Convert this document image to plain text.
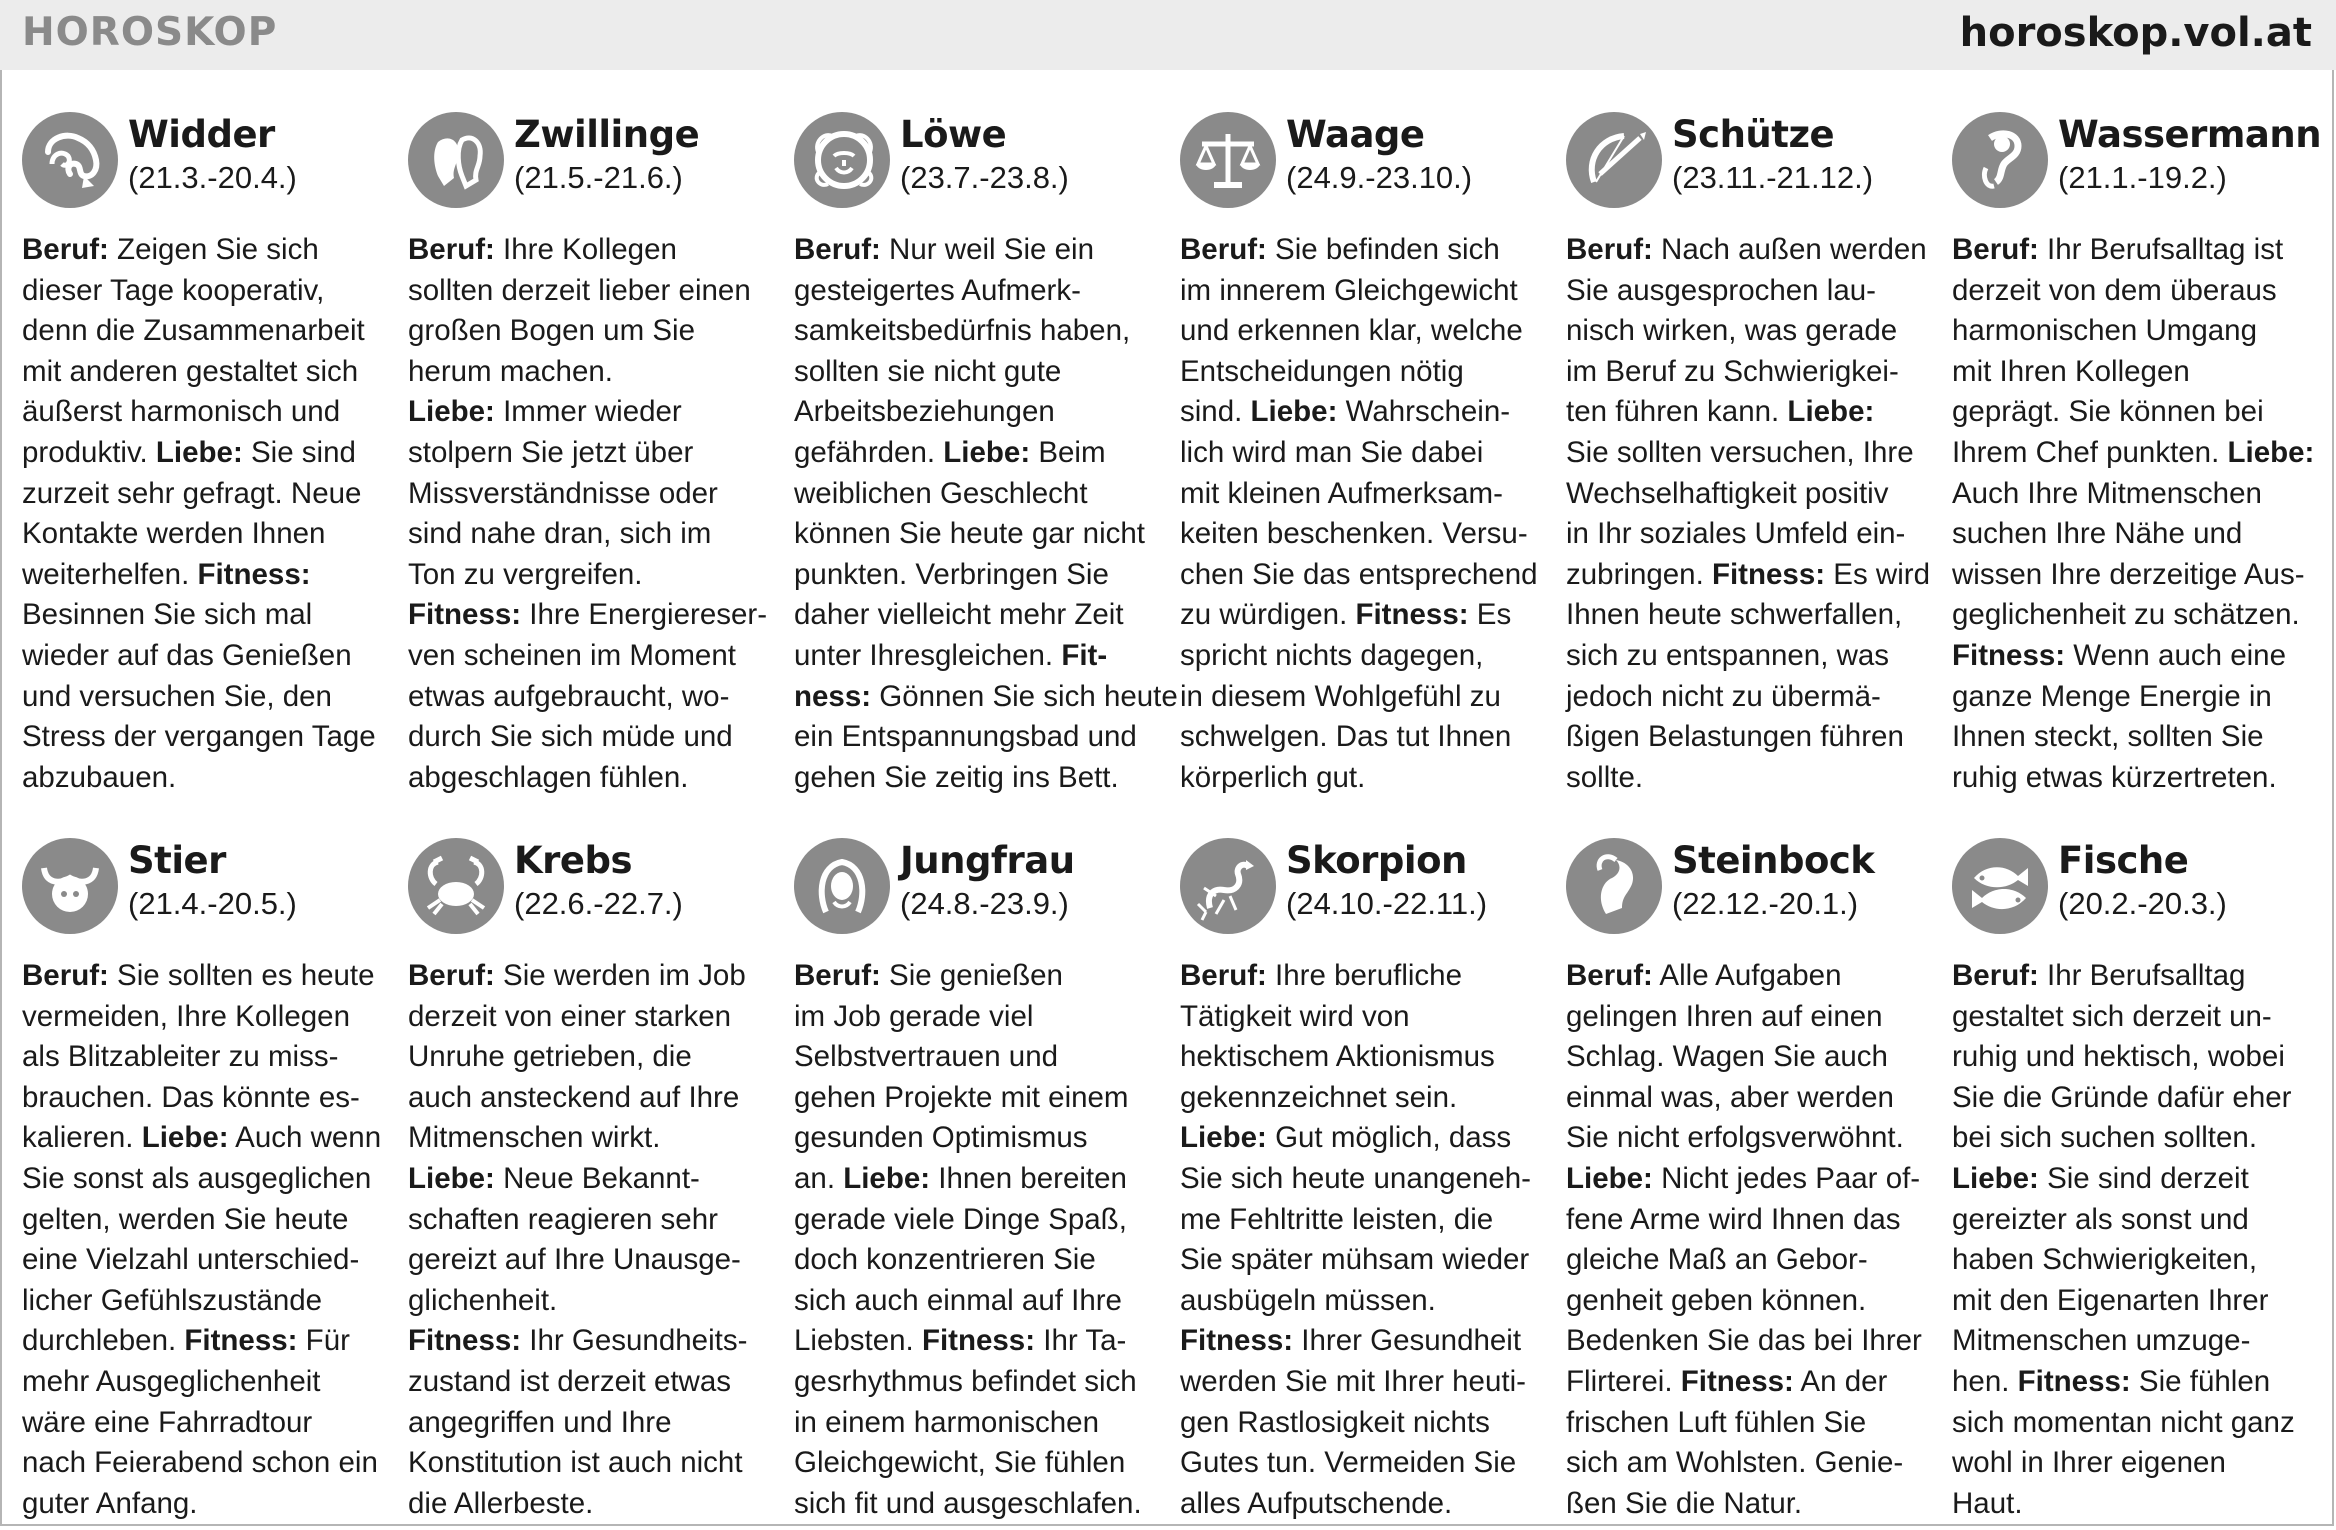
HOROSKOP	horoskop.vol.at
Widder
(21.3.-20.4.)
Beruf: Zeigen Sie sich
dieser Tage kooperativ,
denn die Zusammenarbeit
mit anderen gestaltet sich
äußerst harmonisch und
produktiv. Liebe: Sie sind
zurzeit sehr gefragt. Neue
Kontakte werden Ihnen
weiterhelfen. Fitness:
Besinnen Sie sich mal
wieder auf das Genießen
und versuchen Sie, den
Stress der vergangen Tage
abzubauen.
Zwillinge
(21.5.-21.6.)
Beruf: Ihre Kollegen
sollten derzeit lieber einen
großen Bogen um Sie
herum machen.
Liebe: Immer wieder
stolpern Sie jetzt über
Missverständnisse oder
sind nahe dran, sich im
Ton zu vergreifen.
Fitness: Ihre Energiereser-
ven scheinen im Moment
etwas aufgebraucht, wo-
durch Sie sich müde und
abgeschlagen fühlen.
Löwe
(23.7.-23.8.)
Beruf: Nur weil Sie ein
gesteigertes Aufmerk-
samkeitsbedürfnis haben,
sollten sie nicht gute
Arbeitsbeziehungen
gefährden. Liebe: Beim
weiblichen Geschlecht
können Sie heute gar nicht
punkten. Verbringen Sie
daher vielleicht mehr Zeit
unter Ihresgleichen. Fit-
ness: Gönnen Sie sich heute
ein Entspannungsbad und
gehen Sie zeitig ins Bett.
Waage
(24.9.-23.10.)
Beruf: Sie befinden sich
im innerem Gleichgewicht
und erkennen klar, welche
Entscheidungen nötig
sind. Liebe: Wahrschein-
lich wird man Sie dabei
mit kleinen Aufmerksam-
keiten beschenken. Versu-
chen Sie das entsprechend
zu würdigen. Fitness: Es
spricht nichts dagegen,
in diesem Wohlgefühl zu
schwelgen. Das tut Ihnen
körperlich gut.
Schütze
(23.11.-21.12.)
Beruf: Nach außen werden
Sie ausgesprochen lau-
nisch wirken, was gerade
im Beruf zu Schwierigkei-
ten führen kann. Liebe:
Sie sollten versuchen, Ihre
Wechselhaftigkeit positiv
in Ihr soziales Umfeld ein-
zubringen. Fitness: Es wird
Ihnen heute schwerfallen,
sich zu entspannen, was
jedoch nicht zu übermä-
ßigen Belastungen führen
sollte.
Wassermann
(21.1.-19.2.)
Beruf: Ihr Berufsalltag ist
derzeit von dem überaus
harmonischen Umgang
mit Ihren Kollegen
geprägt. Sie können bei
Ihrem Chef punkten. Liebe:
Auch Ihre Mitmenschen
suchen Ihre Nähe und
wissen Ihre derzeitige Aus-
geglichenheit zu schätzen.
Fitness: Wenn auch eine
ganze Menge Energie in
Ihnen steckt, sollten Sie
ruhig etwas kürzertreten.
Stier
(21.4.-20.5.)
Beruf: Sie sollten es heute
vermeiden, Ihre Kollegen
als Blitzableiter zu miss-
brauchen. Das könnte es-
kalieren. Liebe: Auch wenn
Sie sonst als ausgeglichen
gelten, werden Sie heute
eine Vielzahl unterschied-
licher Gefühlszustände
durchleben. Fitness: Für
mehr Ausgeglichenheit
wäre eine Fahrradtour
nach Feierabend schon ein
guter Anfang.
Krebs
(22.6.-22.7.)
Beruf: Sie werden im Job
derzeit von einer starken
Unruhe getrieben, die
auch ansteckend auf Ihre
Mitmenschen wirkt.
Liebe: Neue Bekannt-
schaften reagieren sehr
gereizt auf Ihre Unausge-
glichenheit.
Fitness: Ihr Gesundheits-
zustand ist derzeit etwas
angegriffen und Ihre
Konstitution ist auch nicht
die Allerbeste.
Jungfrau
(24.8.-23.9.)
Beruf: Sie genießen
im Job gerade viel
Selbstvertrauen und
gehen Projekte mit einem
gesunden Optimismus
an. Liebe: Ihnen bereiten
gerade viele Dinge Spaß,
doch konzentrieren Sie
sich auch einmal auf Ihre
Liebsten. Fitness: Ihr Ta-
gesrhythmus befindet sich
in einem harmonischen
Gleichgewicht, Sie fühlen
sich fit und ausgeschlafen.
Skorpion
(24.10.-22.11.)
Beruf: Ihre berufliche
Tätigkeit wird von
hektischem Aktionismus
gekennzeichnet sein.
Liebe: Gut möglich, dass
Sie sich heute unangeneh-
me Fehltritte leisten, die
Sie später mühsam wieder
ausbügeln müssen.
Fitness: Ihrer Gesundheit
werden Sie mit Ihrer heuti-
gen Rastlosigkeit nichts
Gutes tun. Vermeiden Sie
alles Aufputschende.
Steinbock
(22.12.-20.1.)
Beruf: Alle Aufgaben
gelingen Ihren auf einen
Schlag. Wagen Sie auch
einmal was, aber werden
Sie nicht erfolgsverwöhnt.
Liebe: Nicht jedes Paar of-
fene Arme wird Ihnen das
gleiche Maß an Gebor-
genheit geben können.
Bedenken Sie das bei Ihrer
Flirterei. Fitness: An der
frischen Luft fühlen Sie
sich am Wohlsten. Genie-
ßen Sie die Natur.
Fische
(20.2.-20.3.)
Beruf: Ihr Berufsalltag
gestaltet sich derzeit un-
ruhig und hektisch, wobei
Sie die Gründe dafür eher
bei sich suchen sollten.
Liebe: Sie sind derzeit
gereizter als sonst und
haben Schwierigkeiten,
mit den Eigenarten Ihrer
Mitmenschen umzuge-
hen. Fitness: Sie fühlen
sich momentan nicht ganz
wohl in Ihrer eigenen
Haut.
